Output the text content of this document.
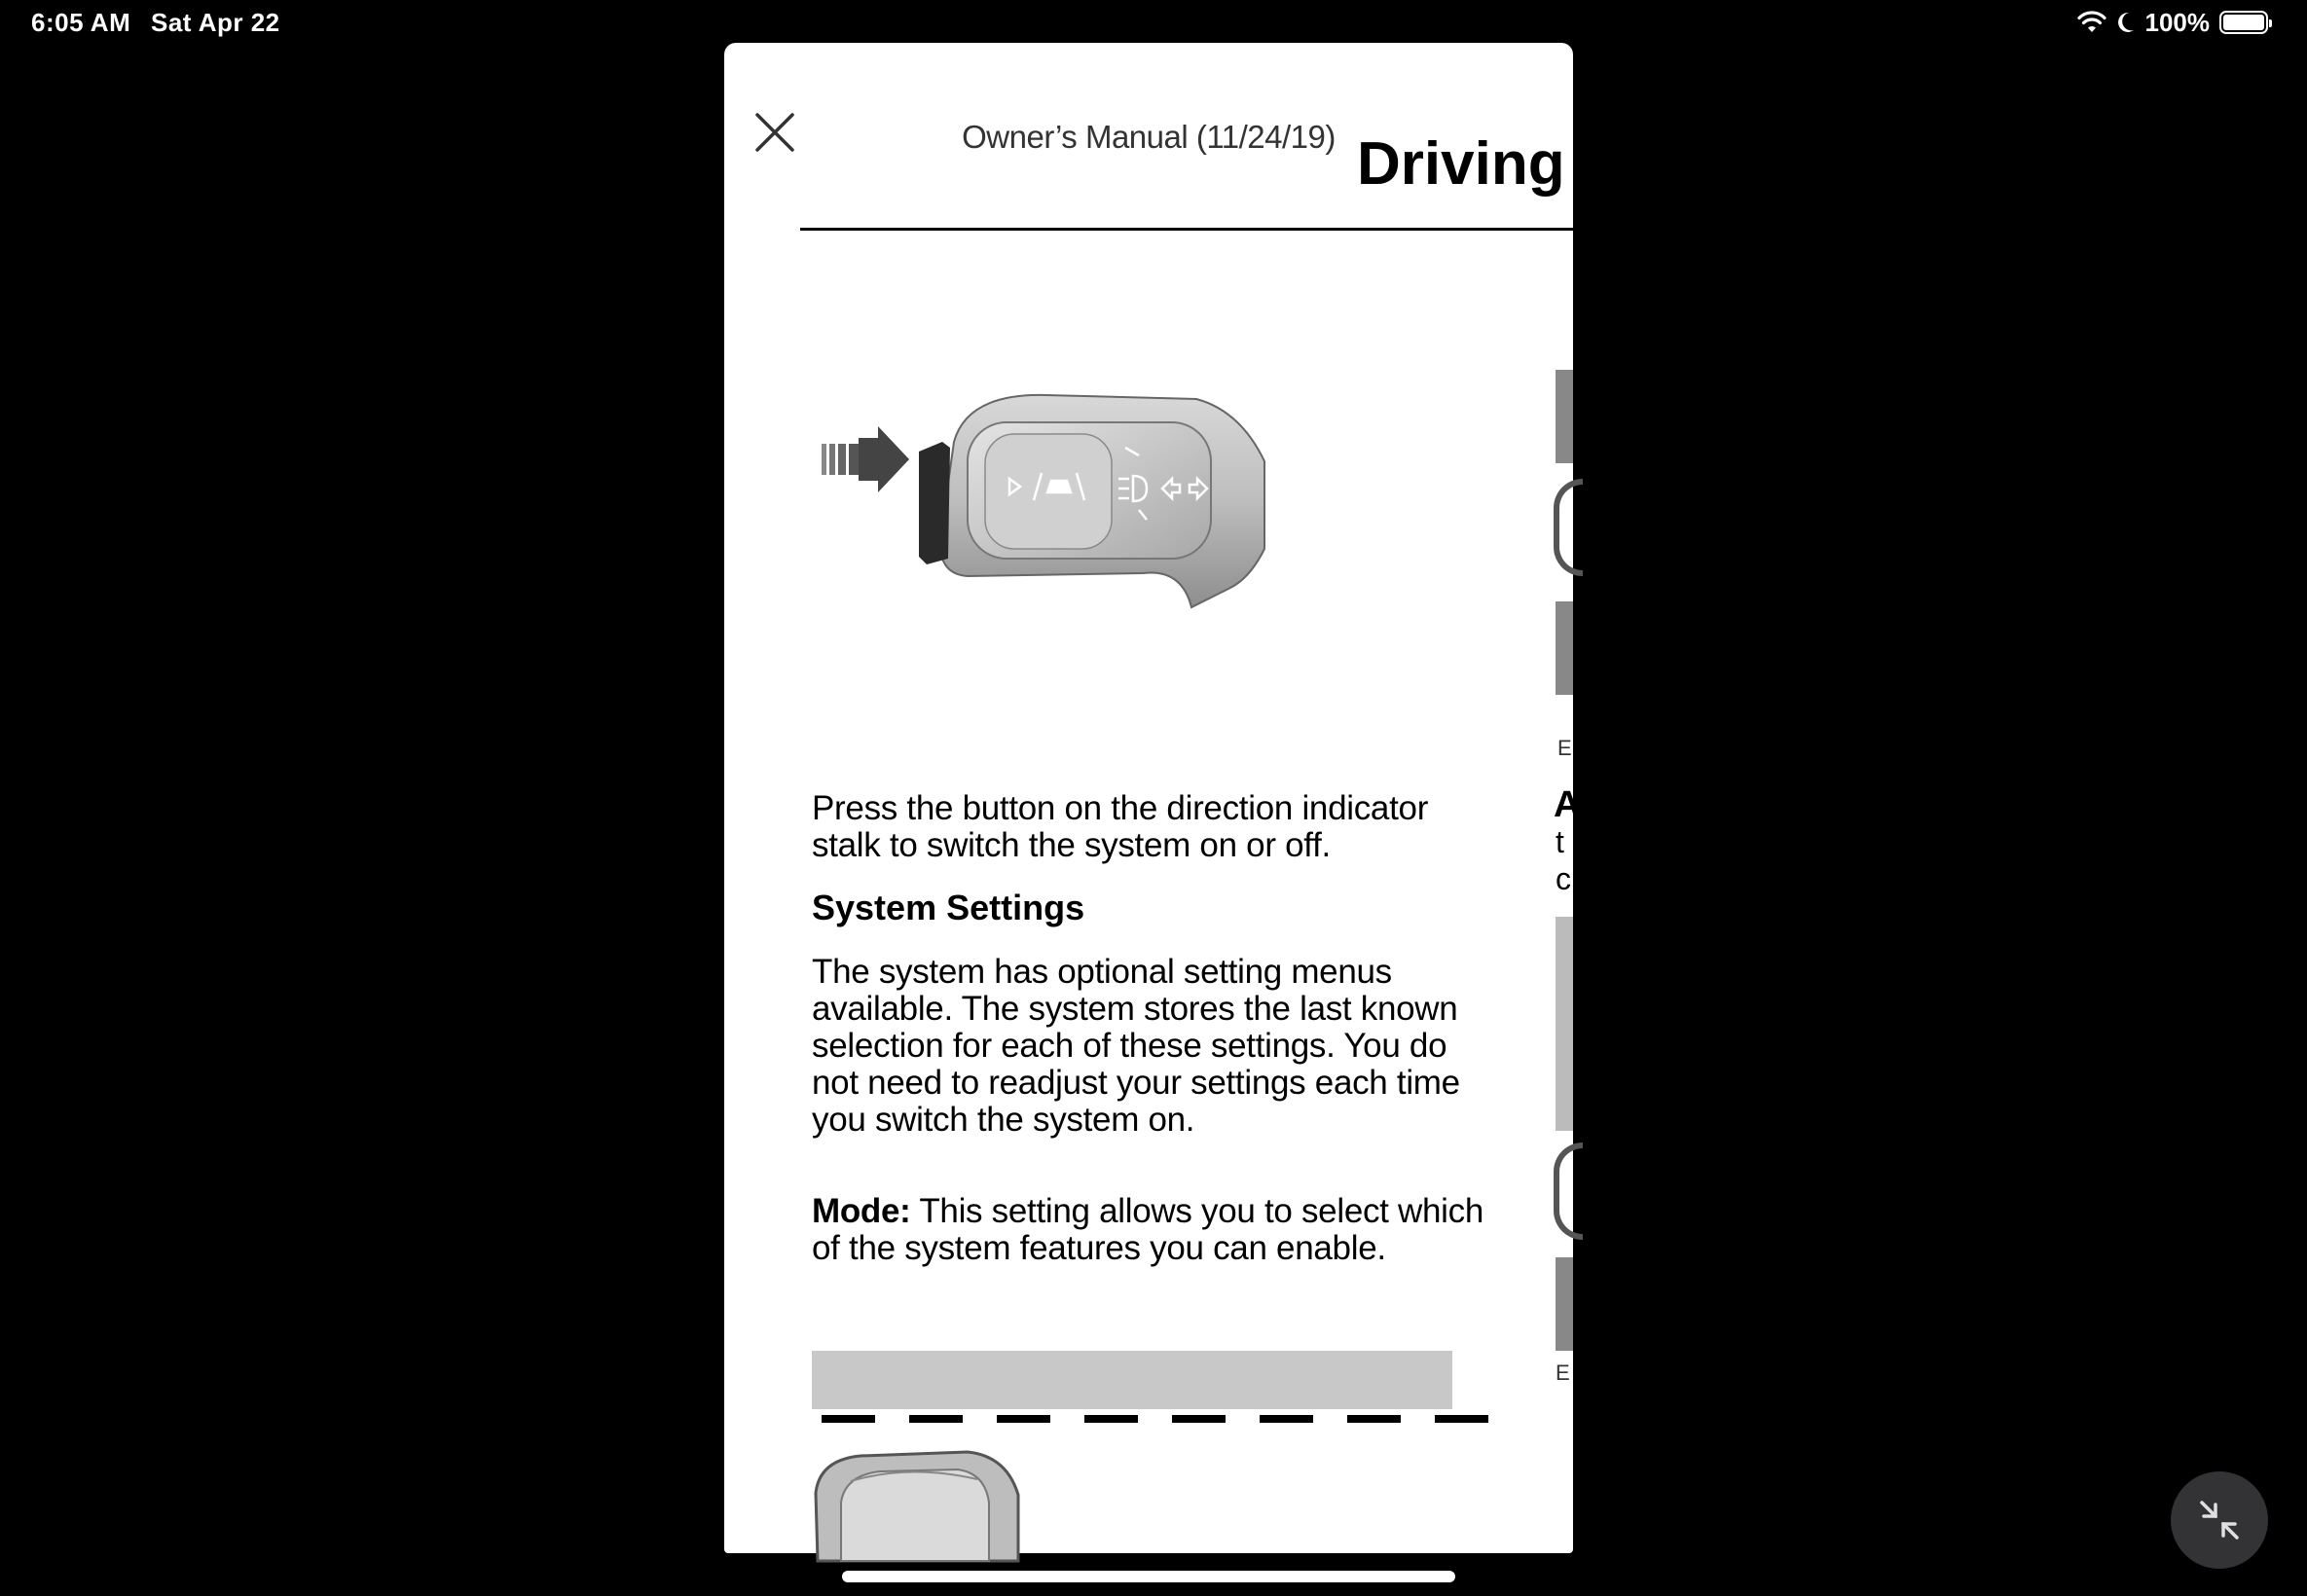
6:05 AM Sat Apr 22	100%
Owner’s Manual (11/24/19) Driving A
Press the button on the direction indicator stalk to switch the system on or off.
System Settings
The system has optional setting menus available. The system stores the last known selection for each of these settings. You do not need to readjust your settings each time you switch the system on.
Mode: This setting allows you to select which of the system features you can enable.
E
A
t
c
E
